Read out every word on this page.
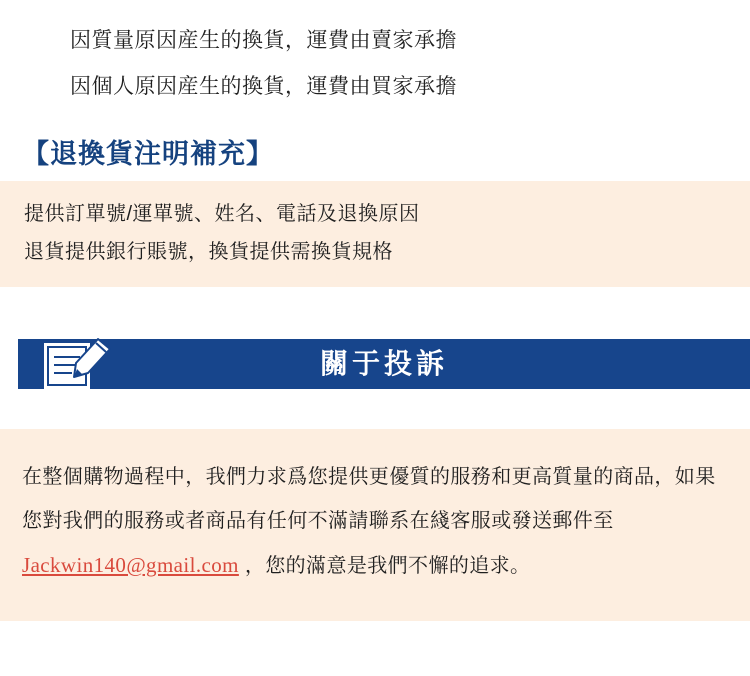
因質量原因産生的換貨，運費由賣家承擔
因個人原因産生的換貨，運費由買家承擔
【退換貨注明補充】
提供訂單號/運單號、姓名、電話及退換原因
退貨提供銀行賬號，換貨提供需換貨規格
關于投訴
在整個購物過程中，我們力求爲您提供更優質的服務和更高質量的商品，如果您對我們的服務或者商品有任何不滿請聯系在綫客服或發送郵件至 Jackwin140@gmail.com ，您的滿意是我們不懈的追求。
